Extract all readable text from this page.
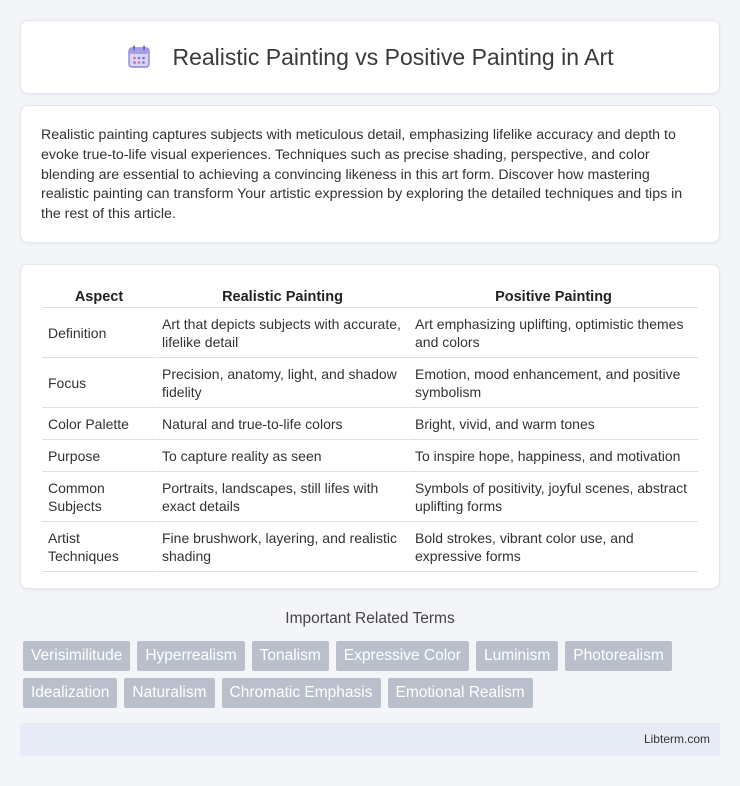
Realistic Painting vs Positive Painting in Art

Realistic painting captures subjects with meticulous detail, emphasizing lifelike accuracy and depth to evoke true-to-life visual experiences. Techniques such as precise shading, perspective, and color blending are essential to achieving a convincing likeness in this art form. Discover how mastering realistic painting can transform Your artistic expression by exploring the detailed techniques and tips in the rest of this article.

Aspect	Realistic Painting	Positive Painting
Definition	Art that depicts subjects with accurate, lifelike detail	Art emphasizing uplifting, optimistic themes and colors
Focus	Precision, anatomy, light, and shadow fidelity	Emotion, mood enhancement, and positive symbolism
Color Palette	Natural and true-to-life colors	Bright, vivid, and warm tones
Purpose	To capture reality as seen	To inspire hope, happiness, and motivation
Common Subjects	Portraits, landscapes, still lifes with exact details	Symbols of positivity, joyful scenes, abstract uplifting forms
Artist Techniques	Fine brushwork, layering, and realistic shading	Bold strokes, vibrant color use, and expressive forms
Important Related Terms
Verisimilitude	Hyperrealism	Tonalism	Expressive Color	Luminism	Photorealism
Idealization	Naturalism	Chromatic Emphasis	Emotional Realism
Libterm.com
